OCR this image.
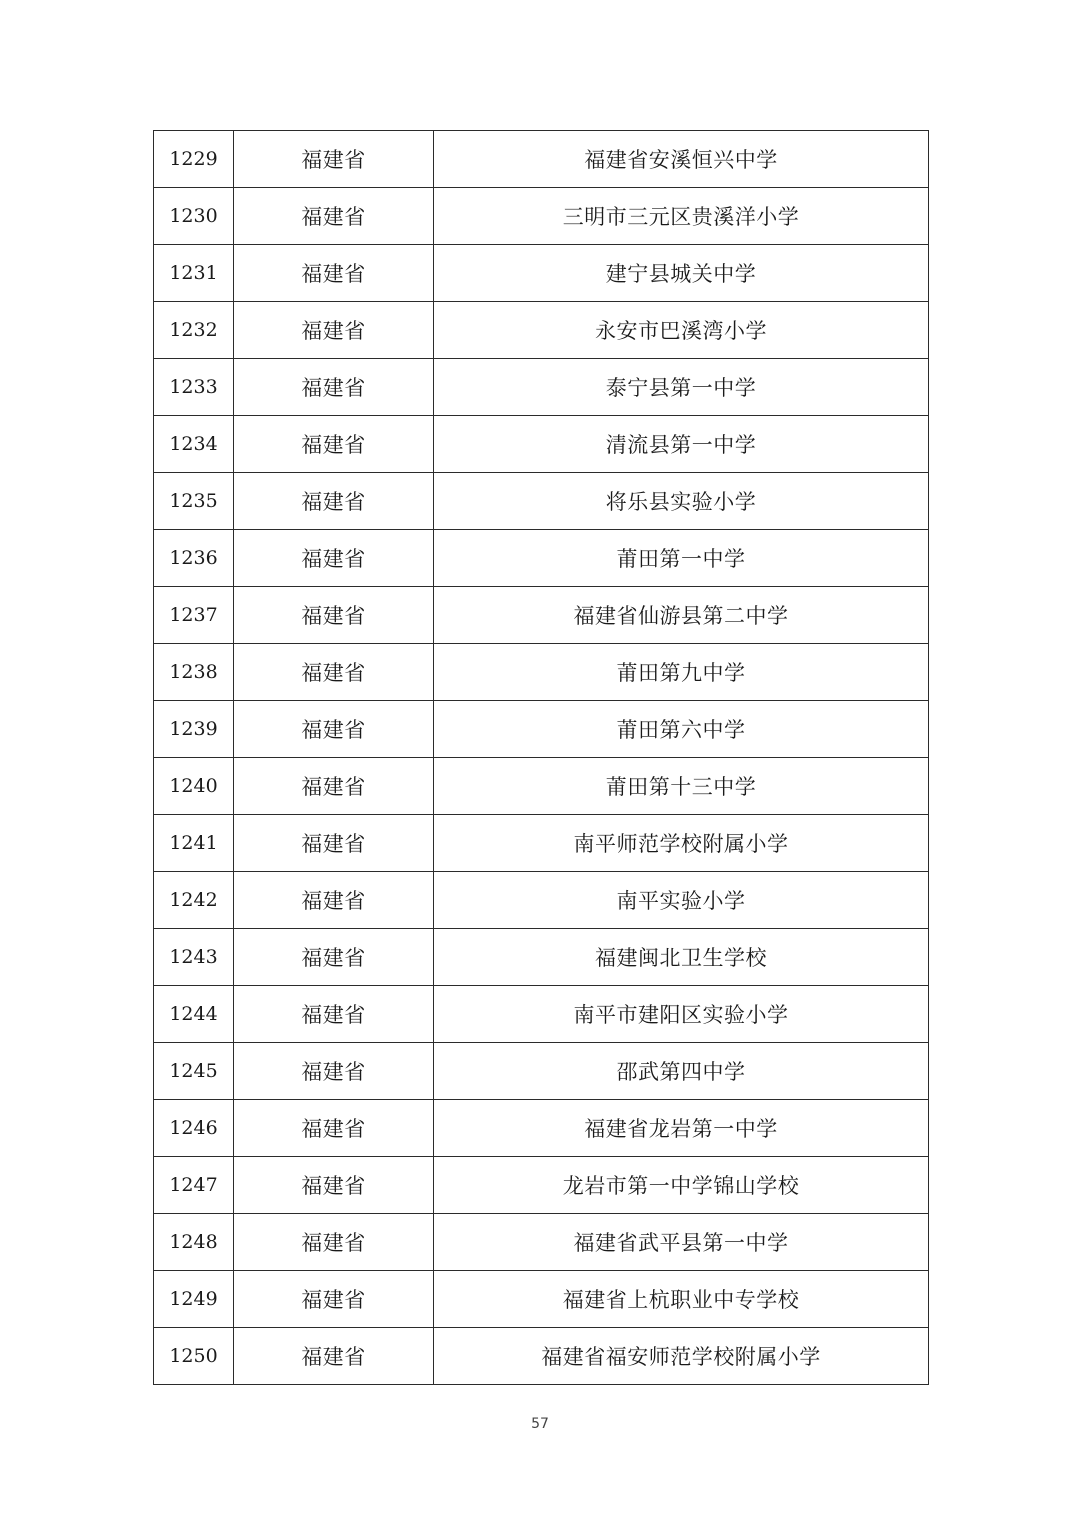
1229	福建省	福建省安溪恒兴中学
1230	福建省	三明市三元区贵溪洋小学
1231	福建省	建宁县城关中学
1232	福建省	永安市巴溪湾小学
1233	福建省	泰宁县第一中学
1234	福建省	清流县第一中学
1235	福建省	将乐县实验小学
1236	福建省	莆田第一中学
1237	福建省	福建省仙游县第二中学
1238	福建省	莆田第九中学
1239	福建省	莆田第六中学
1240	福建省	莆田第十三中学
1241	福建省	南平师范学校附属小学
1242	福建省	南平实验小学
1243	福建省	福建闽北卫生学校
1244	福建省	南平市建阳区实验小学
1245	福建省	邵武第四中学
1246	福建省	福建省龙岩第一中学
1247	福建省	龙岩市第一中学锦山学校
1248	福建省	福建省武平县第一中学
1249	福建省	福建省上杭职业中专学校
1250	福建省	福建省福安师范学校附属小学
57
